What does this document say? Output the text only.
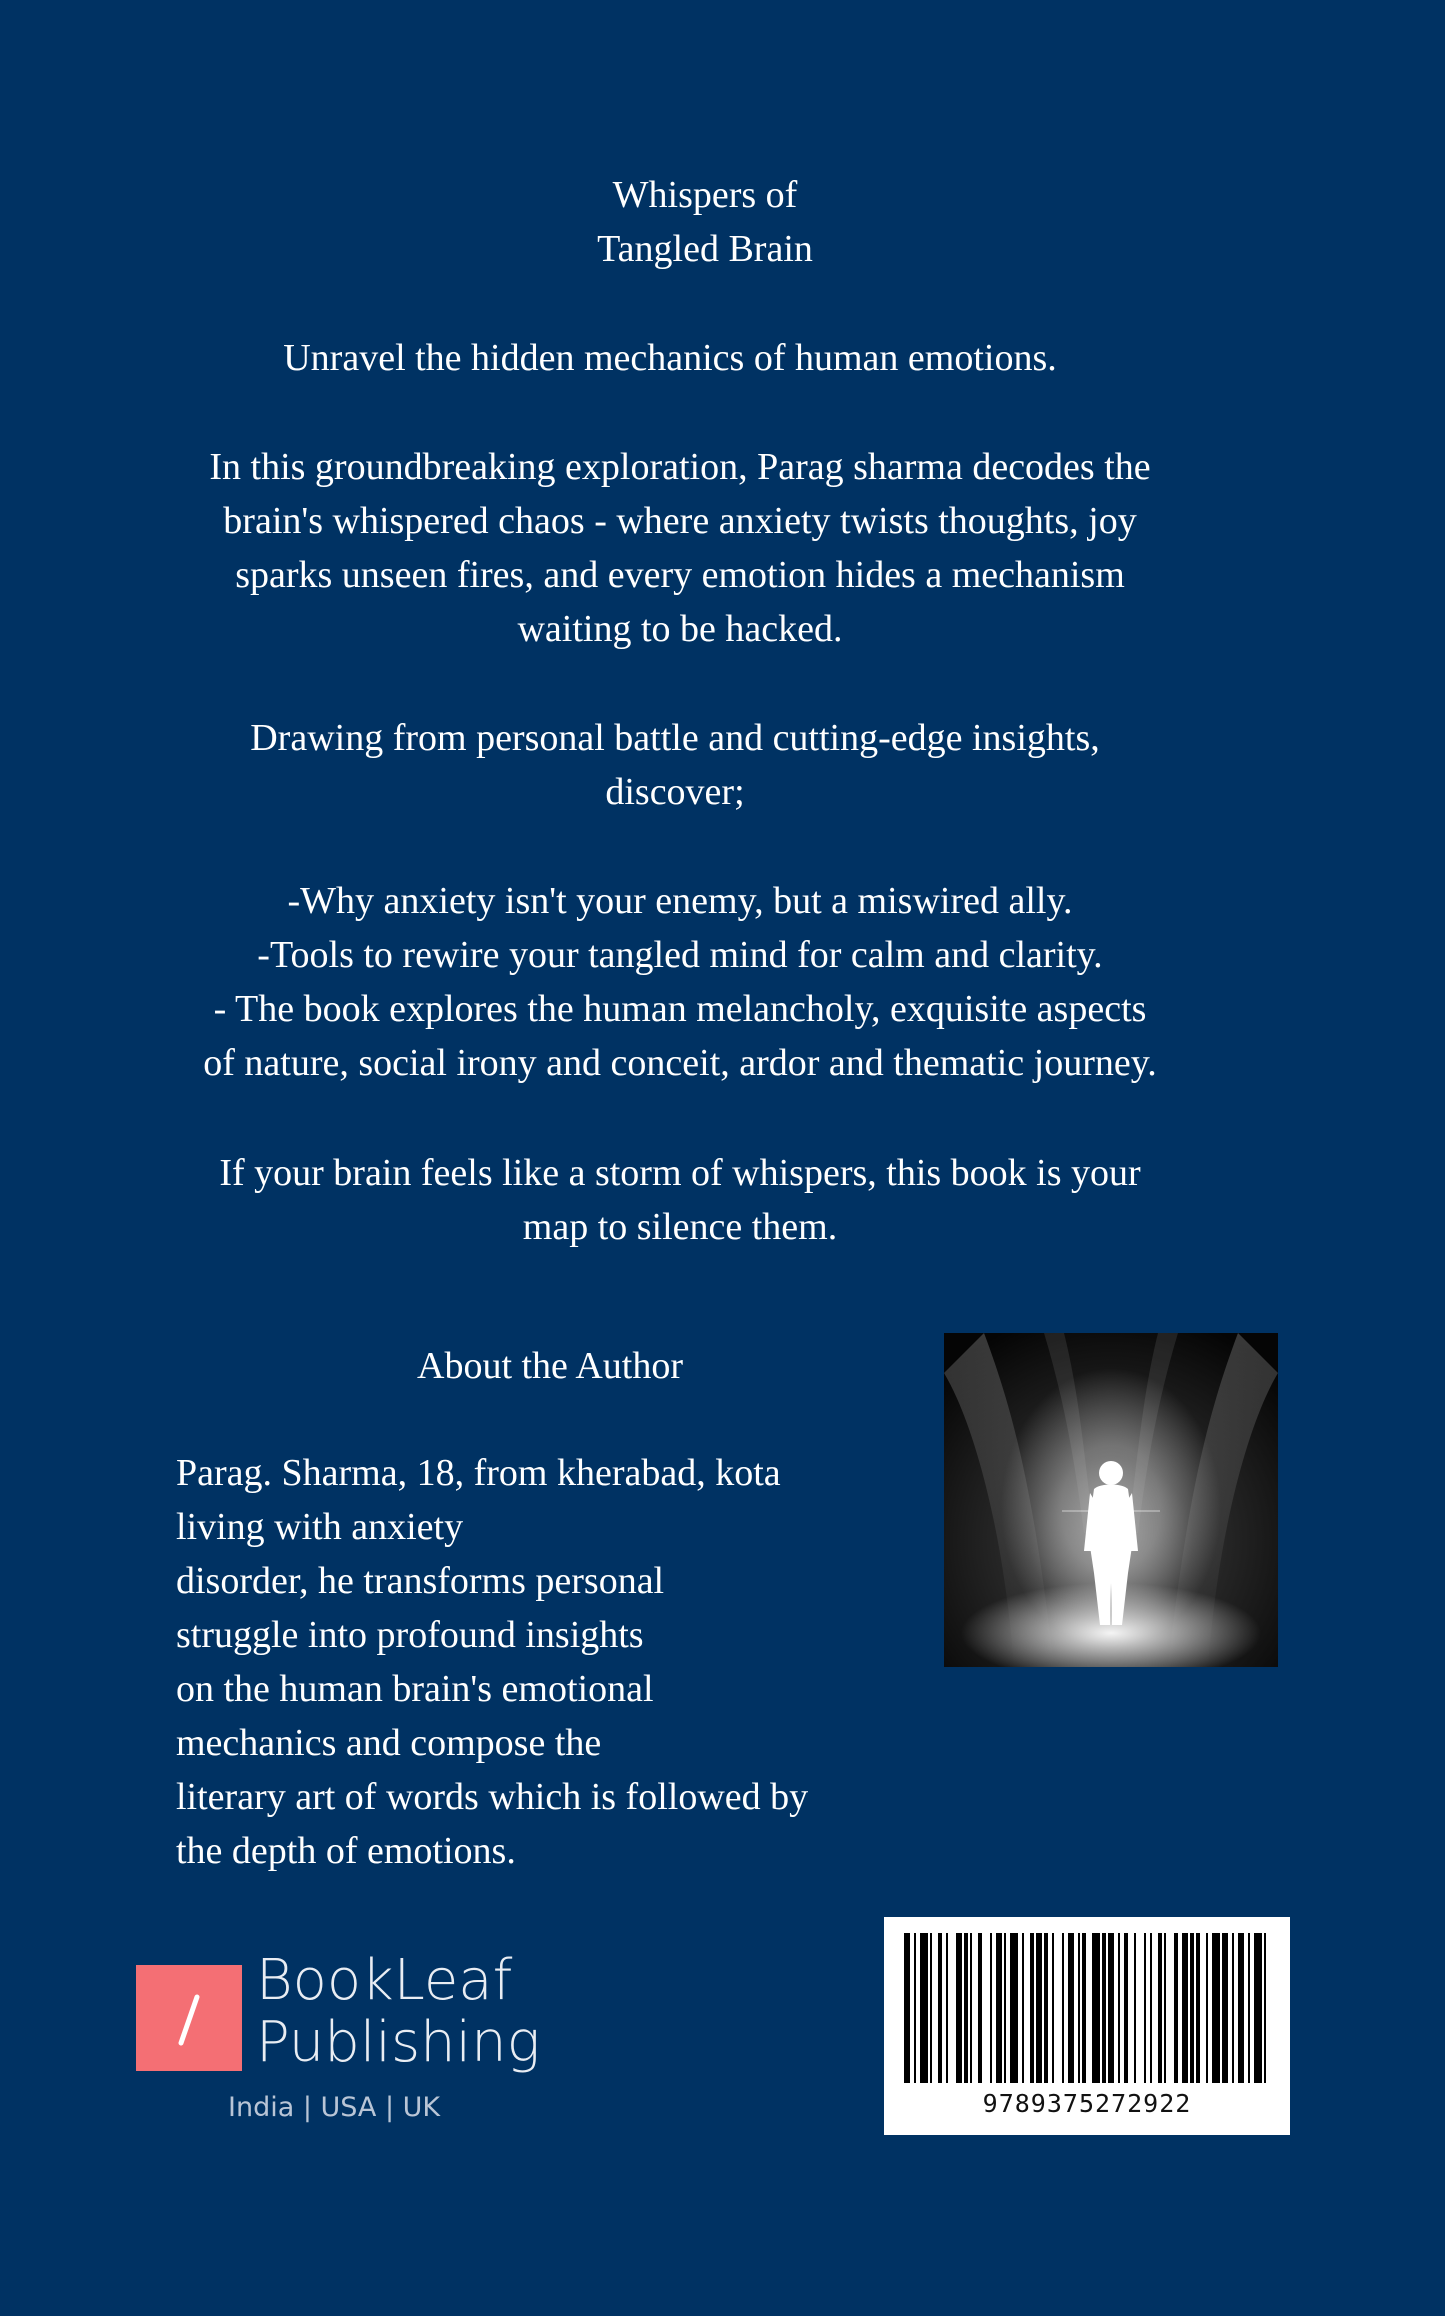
Whispers of
Tangled Brain
Unravel the hidden mechanics of human emotions.
In this groundbreaking exploration, Parag sharma decodes the
brain's whispered chaos - where anxiety twists thoughts, joy
sparks unseen fires, and every emotion hides a mechanism
waiting to be hacked.
Drawing from personal battle and cutting-edge insights,
discover;
-Why anxiety isn't your enemy, but a miswired ally.
-Tools to rewire your tangled mind for calm and clarity.
- The book explores the human melancholy, exquisite aspects
of nature, social irony and conceit, ardor and thematic journey.
If your brain feels like a storm of whispers, this book is your
map to silence them.
About the Author
Parag. Sharma, 18, from kherabad, kota
living with anxiety
disorder, he transforms personal
struggle into profound insights
on the human brain's emotional
mechanics and compose the
literary art of words which is followed by
the depth of emotions.
BookLeaf
Publishing
India | USA | UK	9789375272922
